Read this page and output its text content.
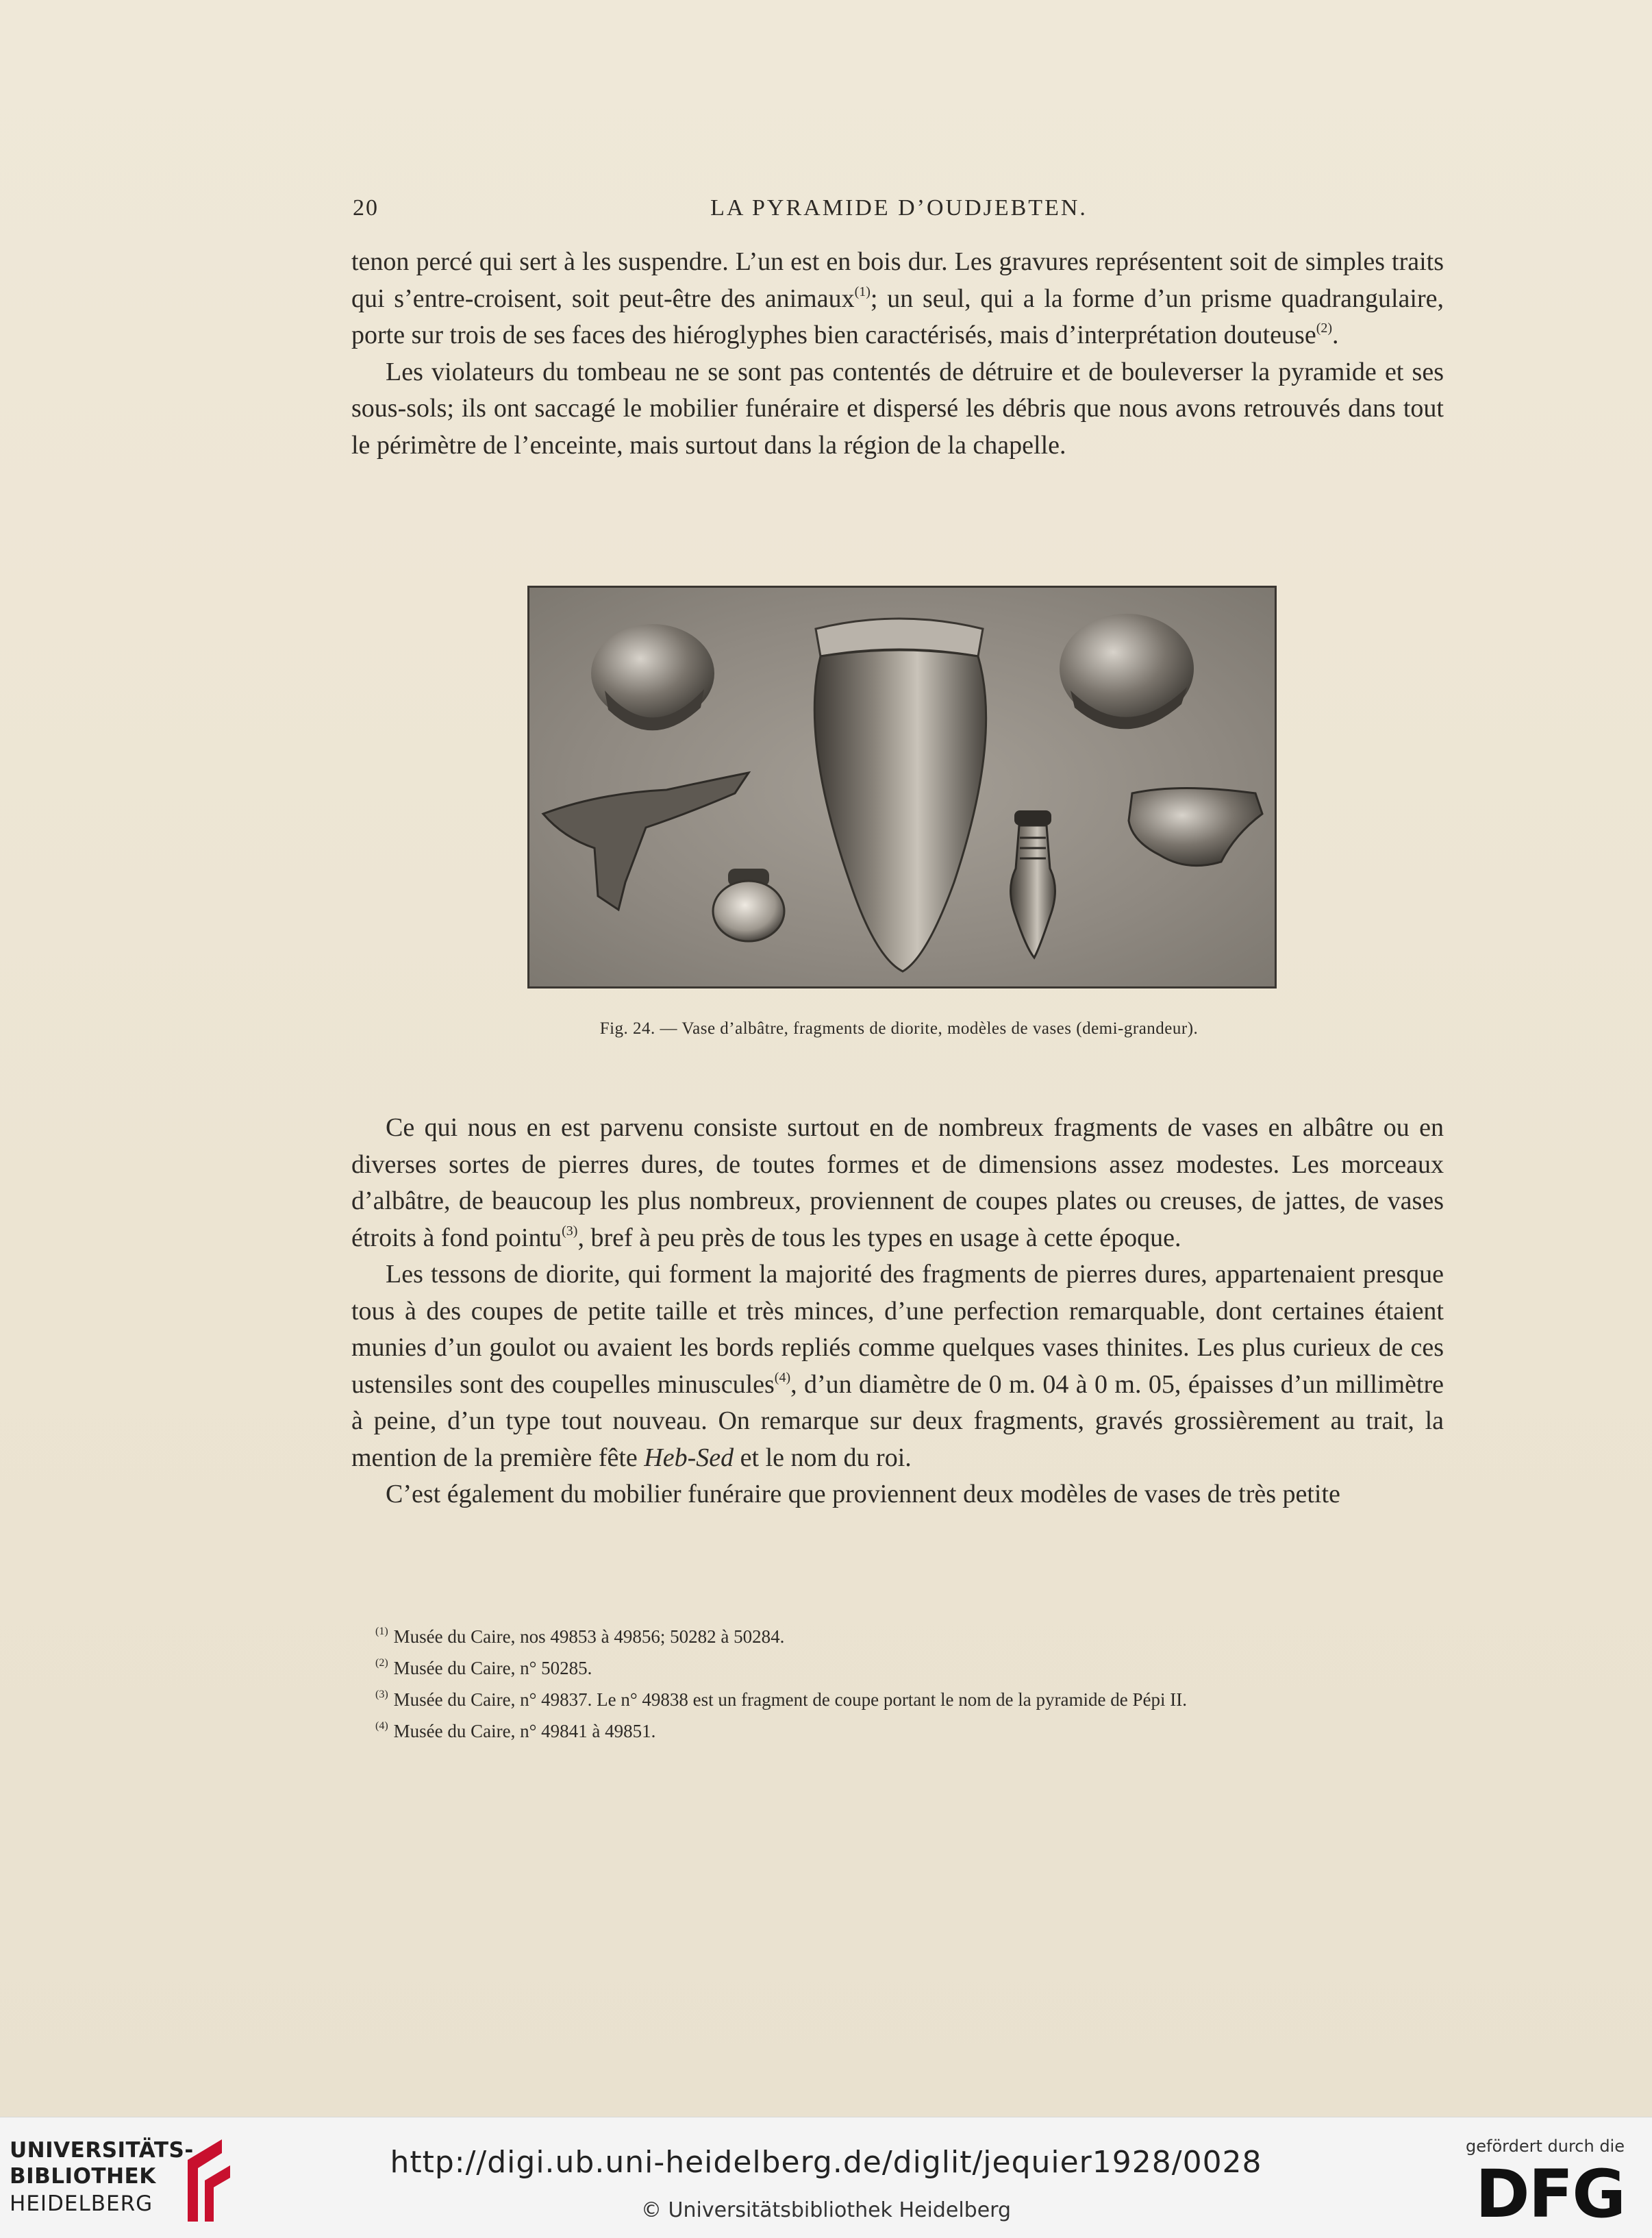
20	LA PYRAMIDE D’OUDJEBTEN.

tenon percé qui sert à les suspendre. L’un est en bois dur. Les gravures représentent soit de simples traits qui s’entre-croisent, soit peut-être des animaux$^{(1)}$; un seul, qui a la forme d’un prisme quadrangulaire, porte sur trois de ses faces des hiéroglyphes bien caractérisés, mais d’interprétation douteuse$^{(2)}$.

Les violateurs du tombeau ne se sont pas contentés de détruire et de bouleverser la pyramide et ses sous-sols; ils ont saccagé le mobilier funéraire et dispersé les débris que nous avons retrouvés dans tout le périmètre de l’enceinte, mais surtout dans la région de la chapelle.

Fig. 24. — Vase d’albâtre, fragments de diorite, modèles de vases (demi-grandeur).

Ce qui nous en est parvenu consiste surtout en de nombreux fragments de vases en albâtre ou en diverses sortes de pierres dures, de toutes formes et de dimensions assez modestes. Les morceaux d’albâtre, de beaucoup les plus nombreux, proviennent de coupes plates ou creuses, de jattes, de vases étroits à fond pointu$^{(3)}$, bref à peu près de tous les types en usage à cette époque.

Les tessons de diorite, qui forment la majorité des fragments de pierres dures, appartenaient presque tous à des coupes de petite taille et très minces, d’une perfection remarquable, dont certaines étaient munies d’un goulot ou avaient les bords repliés comme quelques vases thinites. Les plus curieux de ces ustensiles sont des coupelles minuscules$^{(4)}$, d’un diamètre de 0 m. 04 à 0 m. 05, épaisses d’un millimètre à peine, d’un type tout nouveau. On remarque sur deux fragments, gravés grossièrement au trait, la mention de la première fête Heb-Sed et le nom du roi.

C’est également du mobilier funéraire que proviennent deux modèles de vases de très petite

$^{(1)}$ Musée du Caire, nos 49853 à 49856; 50282 à 50284.
$^{(2)}$ Musée du Caire, n° 50285.
$^{(3)}$ Musée du Caire, n° 49837. Le n° 49838 est un fragment de coupe portant le nom de la pyramide de Pépi II.
$^{(4)}$ Musée du Caire, n° 49841 à 49851.
UNIVERSITÄTS-
BIBLIOTHEK
HEIDELBERG
http://digi.ub.uni-heidelberg.de/diglit/jequier1928/0028
© Universitätsbibliothek Heidelberg
gefördert durch die
DFG
